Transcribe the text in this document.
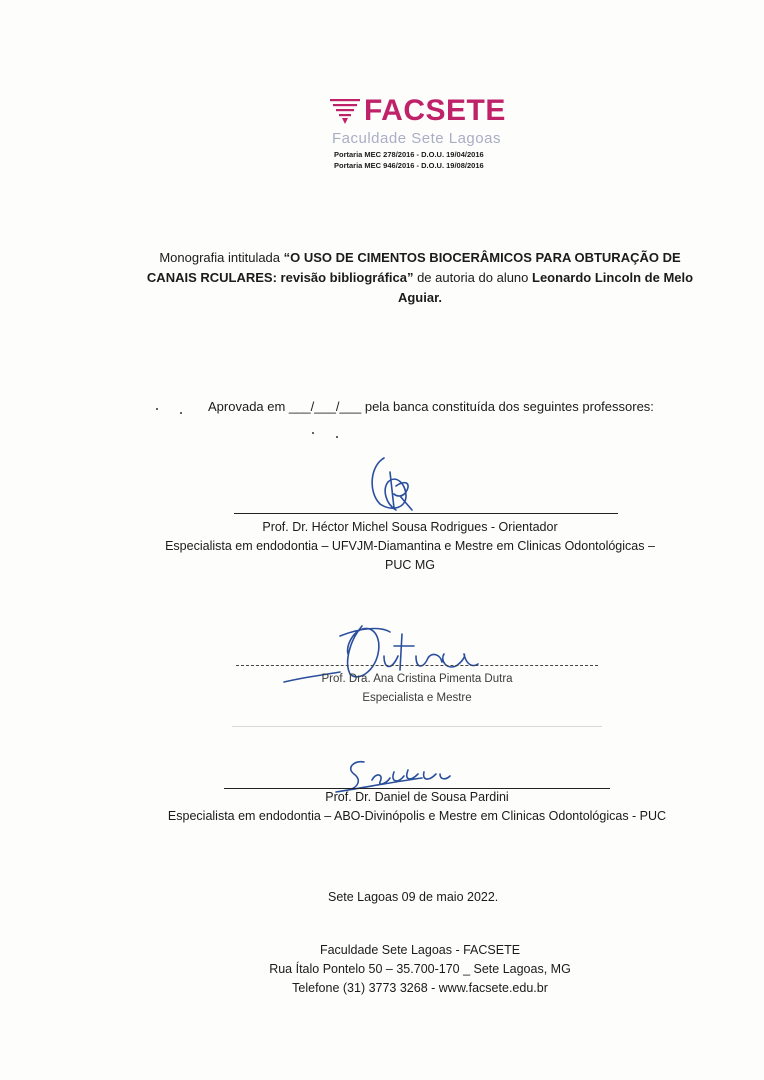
FACSETE
Faculdade Sete Lagoas
Portaria MEC 278/2016 - D.O.U. 19/04/2016
Portaria MEC 946/2016 - D.O.U. 19/08/2016
Monografia intitulada “O USO DE CIMENTOS BIOCERÂMICOS PARA OBTURAÇÃO DE CANAIS RCULARES: revisão bibliográfica” de autoria do aluno Leonardo Lincoln de Melo Aguiar.
Aprovada em ___/___/___ pela banca constituída dos seguintes professores:
Prof. Dr. Héctor Michel Sousa Rodrigues - Orientador
Especialista em endodontia – UFVJM-Diamantina e Mestre em Clinicas Odontológicas – PUC MG
Prof. Dra. Ana Cristina Pimenta Dutra
Especialista e Mestre
Prof. Dr. Daniel de Sousa Pardini
Especialista em endodontia – ABO-Divinópolis e Mestre em Clinicas Odontológicas - PUC
Sete Lagoas 09 de maio 2022.
Faculdade Sete Lagoas - FACSETE
Rua Ítalo Pontelo 50 – 35.700-170 _ Sete Lagoas, MG
Telefone (31) 3773 3268 - www.facsete.edu.br
